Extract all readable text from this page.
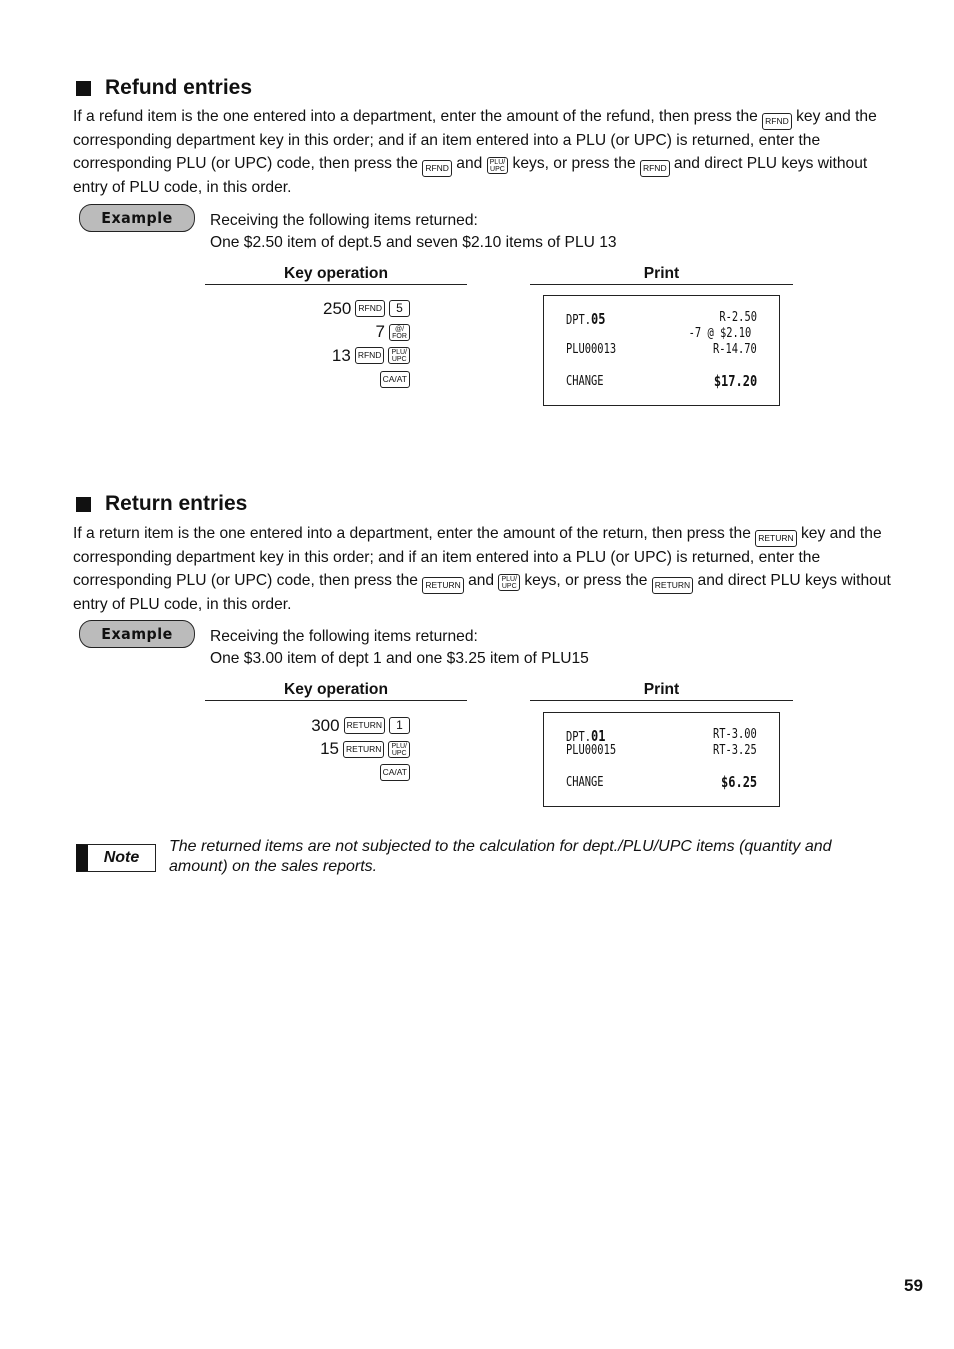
Refund entries
If a refund item is the one entered into a department, enter the amount of the refund, then press the RFND key and the corresponding department key in this order; and if an item entered into a PLU (or UPC) is returned, enter the corresponding PLU (or UPC) code, then press the RFND and PLU/
UPC keys, or press the RFND and direct PLU keys without entry of PLU code, in this order.
Example	Receiving the following items returned:
One $2.50 item of dept.5 and seven $2.10 items of PLU 13
Key operation	Print
250 RFND	5
7	@/
FOR
13 RFND	PLU/
UPC
CA/AT
DPT.05	R-2.50
-7 @ $2.10
PLU00013	R-14.70
CHANGE	$17.20
Return entries
If a return item is the one entered into a department, enter the amount of the return, then press the RETURN key and the corresponding department key in this order; and if an item entered into a PLU (or UPC) is returned, enter the corresponding PLU (or UPC) code, then press the RETURN and PLU/
UPC keys, or press the RETURN and direct PLU keys without entry of PLU code, in this order.
Example	Receiving the following items returned:
One $3.00 item of dept 1 and one $3.25 item of PLU15
Key operation	Print
300 RETURN	1
15 RETURN	PLU/
UPC
CA/AT
DPT.01	RT-3.00
PLU00015	RT-3.25
CHANGE	$6.25
Note
The returned items are not subjected to the calculation for dept./PLU/UPC items (quantity and amount) on the sales reports.
59
